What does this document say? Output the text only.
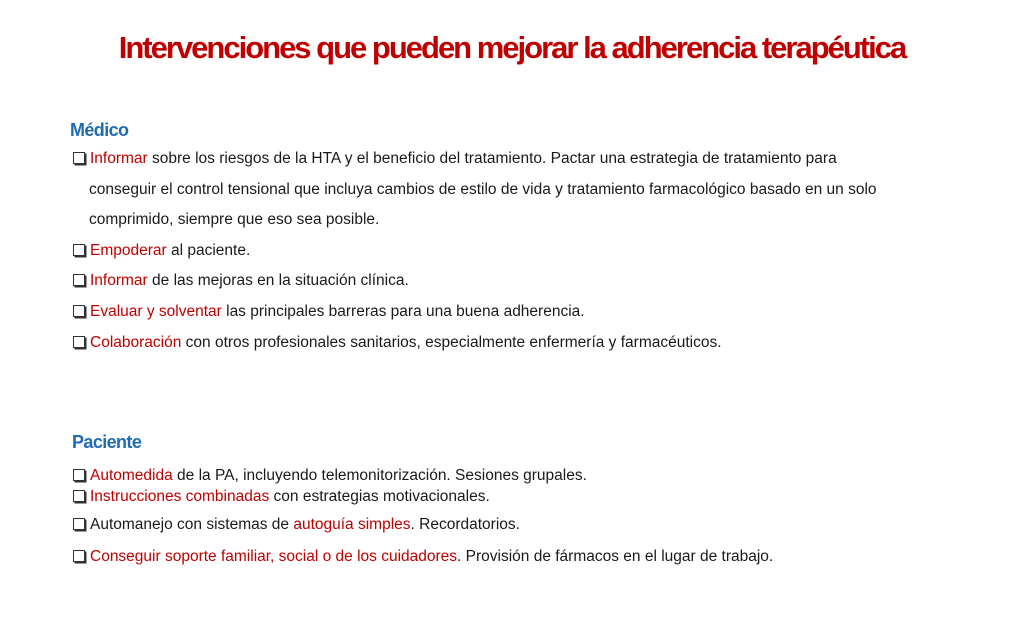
Intervenciones que pueden mejorar la adherencia terapéutica
Médico
Informar sobre los riesgos de la HTA y el beneficio del tratamiento. Pactar una estrategia de tratamiento para
conseguir el control tensional que incluya cambios de estilo de vida y tratamiento farmacológico basado en un solo
comprimido, siempre que eso sea posible.
Empoderar al paciente.
Informar de las mejoras en la situación clínica.
Evaluar y solventar las principales barreras para una buena adherencia.
Colaboración con otros profesionales sanitarios, especialmente enfermería y farmacéuticos.
Paciente
Automedida de la PA, incluyendo telemonitorización. Sesiones grupales.
Instrucciones combinadas con estrategias motivacionales.
Automanejo con sistemas de autoguía simples. Recordatorios.
Conseguir soporte familiar, social o de los cuidadores. Provisión de fármacos en el lugar de trabajo.
